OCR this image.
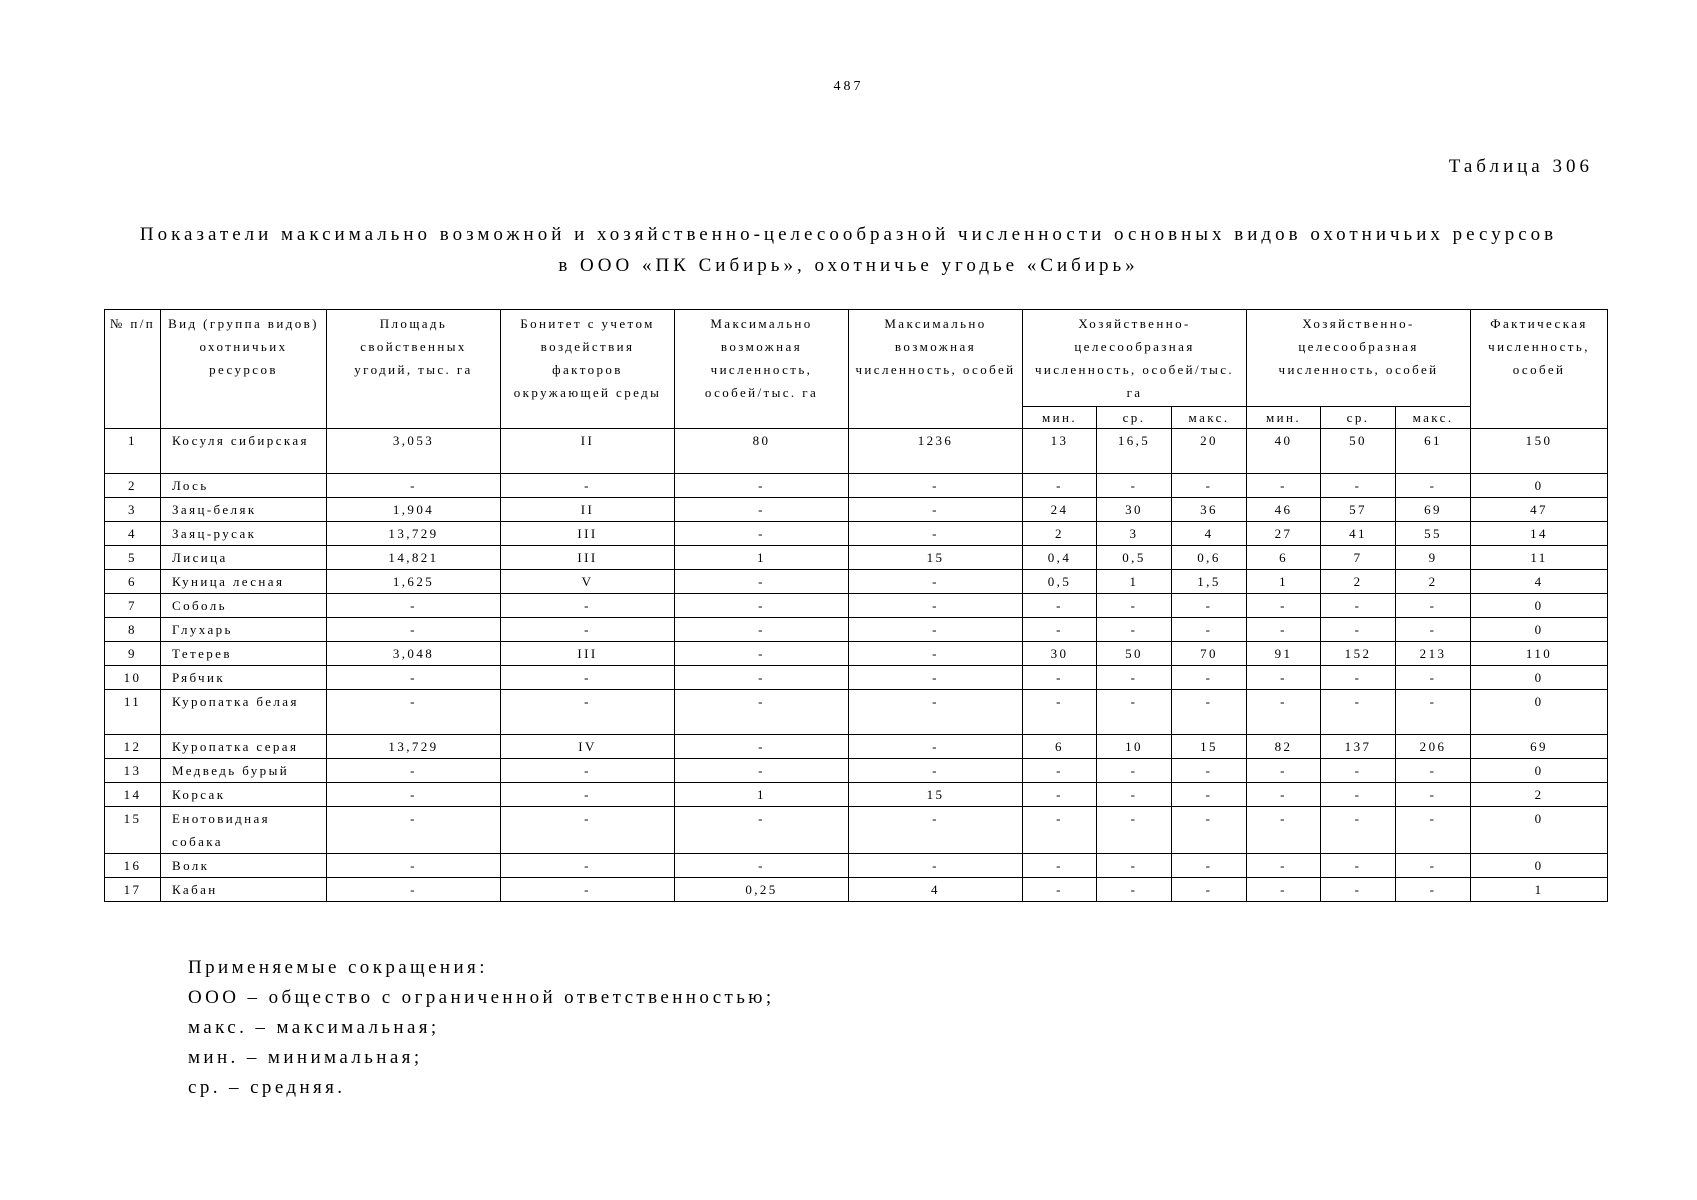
487
Таблица 306
Показатели максимально возможной и хозяйственно-целесообразной численности основных видов охотничьих ресурсов
в ООО «ПК Сибирь», охотничье угодье «Сибирь»
№ п/п	Вид (группа видов) охотничьих ресурсов	Площадь свойственных угодий, тыс. га	Бонитет с учетом воздействия факторов окружающей среды	Максимально возможная численность, особей/тыс. га	Максимально возможная численность, особей	Хозяйственно-целесообразная численность, особей/тыс. га			Хозяйственно-целесообразная численность, особей			Фактическая численность, особей
						мин.	ср.	макс.	мин.	ср.	макс.	
1	Косуля сибирская	3,053	II	80	1236	13	16,5	20	40	50	61	150
2	Лось	-	-	-	-	-	-	-	-	-	-	0
3	Заяц-беляк	1,904	II	-	-	24	30	36	46	57	69	47
4	Заяц-русак	13,729	III	-	-	2	3	4	27	41	55	14
5	Лисица	14,821	III	1	15	0,4	0,5	0,6	6	7	9	11
6	Куница лесная	1,625	V	-	-	0,5	1	1,5	1	2	2	4
7	Соболь	-	-	-	-	-	-	-	-	-	-	0
8	Глухарь	-	-	-	-	-	-	-	-	-	-	0
9	Тетерев	3,048	III	-	-	30	50	70	91	152	213	110
10	Рябчик	-	-	-	-	-	-	-	-	-	-	0
11	Куропатка белая	-	-	-	-	-	-	-	-	-	-	0
12	Куропатка серая	13,729	IV	-	-	6	10	15	82	137	206	69
13	Медведь бурый	-	-	-	-	-	-	-	-	-	-	0
14	Корсак	-	-	1	15	-	-	-	-	-	-	2
15	Енотовидная собака	-	-	-	-	-	-	-	-	-	-	0
16	Волк	-	-	-	-	-	-	-	-	-	-	0
17	Кабан	-	-	0,25	4	-	-	-	-	-	-	1
Применяемые сокращения:
ООО – общество с ограниченной ответственностью;
макс. – максимальная;
мин. – минимальная;
ср. – средняя.
